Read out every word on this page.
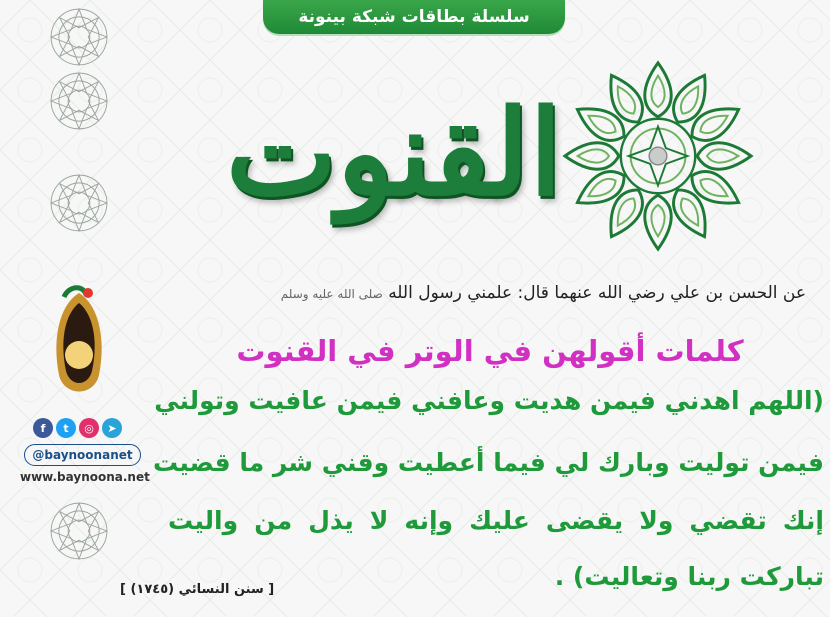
سلسلة بطاقات شبكة بينونة
القنوت
f t ◎ ➤
@baynoonanet
www.baynoona.net
عن الحسن بن علي رضي الله عنهما قال: علمني رسول الله صلى الله عليه وسلم
كلمات أقولهن في الوتر في القنوت
(اللهم اهدني فيمن هديت وعافني فيمن عافيت وتولني
فيمن توليت وبارك لي فيما أعطيت وقني شر ما قضيت
إنك تقضي ولا يقضى عليك وإنه لا يذل من واليت
تباركت ربنا وتعاليت) .
[ سنن النسائي (١٧٤٥) ]
